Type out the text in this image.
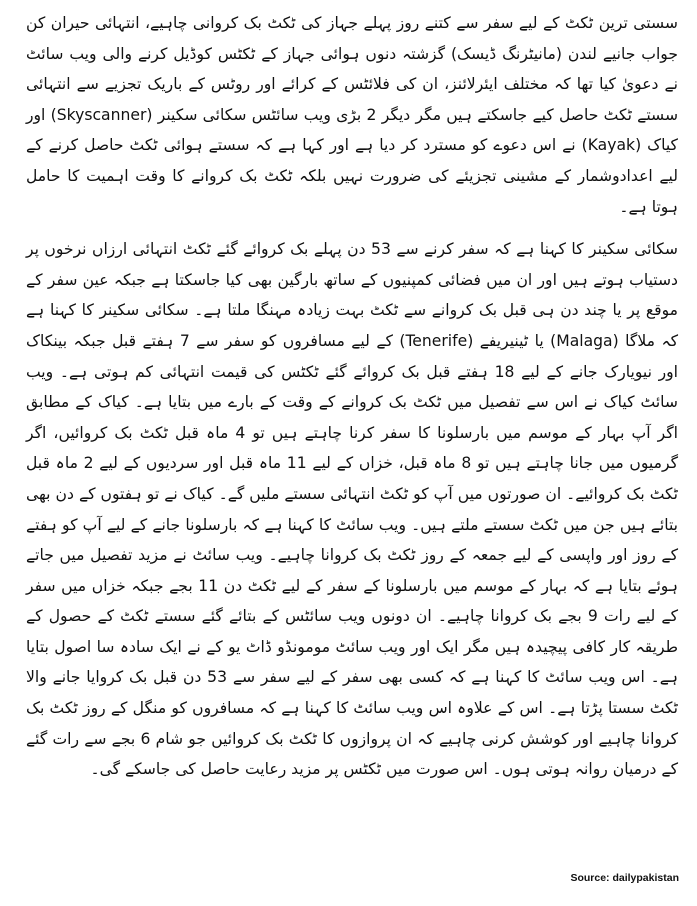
سستی ترین ٹکٹ کے لیے سفر سے کتنے روز پہلے جہاز کی ٹکٹ بک کروانی چاہیے، انتہائی حیران کن جواب جانیے لندن (مانیٹرنگ ڈیسک) گزشتہ دنوں ہوائی جہاز کے ٹکٹس کوڈیل کرنے والی ویب سائٹ نے دعویٰ کیا تھا کہ مختلف ایئرلائنز، ان کی فلائٹس کے کرائے اور روٹس کے باریک تجزیے سے انتہائی سستے ٹکٹ حاصل کیے جاسکتے ہیں مگر دیگر 2 بڑی ویب سائٹس سکائی سکینر (Skyscanner) اور کیاک (Kayak) نے اس دعوے کو مسترد کر دیا ہے اور کہا ہے کہ سستے ہوائی ٹکٹ حاصل کرنے کے لیے اعدادوشمار کے مشینی تجزیئے کی ضرورت نہیں بلکہ ٹکٹ بک کروانے کا وقت اہمیت کا حامل ہوتا ہے۔

سکائی سکینر کا کہنا ہے کہ سفر کرنے سے 53 دن پہلے بک کروائے گئے ٹکٹ انتہائی ارزاں نرخوں پر دستیاب ہوتے ہیں اور ان میں فضائی کمپنیوں کے ساتھ بارگین بھی کیا جاسکتا ہے جبکہ عین سفر کے موقع پر یا چند دن ہی قبل بک کروانے سے ٹکٹ بہت زیادہ مہنگا ملتا ہے۔ سکائی سکینر کا کہنا ہے کہ ملاگا (Malaga) یا ٹینیریفے (Tenerife) کے لیے مسافروں کو سفر سے 7 ہفتے قبل جبکہ بینکاک اور نیویارک جانے کے لیے 18 ہفتے قبل بک کروائے گئے ٹکٹس کی قیمت انتہائی کم ہوتی ہے۔ ویب سائٹ کیاک نے اس سے تفصیل میں ٹکٹ بک کروانے کے وقت کے بارے میں بتایا ہے۔ کیاک کے مطابق اگر آپ بہار کے موسم میں بارسلونا کا سفر کرنا چاہتے ہیں تو 4 ماہ قبل ٹکٹ بک کروائیں، اگر گرمیوں میں جانا چاہتے ہیں تو 8 ماہ قبل، خزاں کے لیے 11 ماہ قبل اور سردیوں کے لیے 2 ماہ قبل ٹکٹ بک کروائیے۔ ان صورتوں میں آپ کو ٹکٹ انتہائی سستے ملیں گے۔ کیاک نے تو ہفتوں کے دن بھی بتائے ہیں جن میں ٹکٹ سستے ملتے ہیں۔ ویب سائٹ کا کہنا ہے کہ بارسلونا جانے کے لیے آپ کو ہفتے کے روز اور واپسی کے لیے جمعہ کے روز ٹکٹ بک کروانا چاہیے۔ ویب سائٹ نے مزید تفصیل میں جاتے ہوئے بتایا ہے کہ بہار کے موسم میں بارسلونا کے سفر کے لیے ٹکٹ دن 11 بجے جبکہ خزاں میں سفر کے لیے رات 9 بجے بک کروانا چاہیے۔ ان دونوں ویب سائٹس کے بتائے گئے سستے ٹکٹ کے حصول کے طریقہ کار کافی پیچیدہ ہیں مگر ایک اور ویب سائٹ مومونڈو ڈاٹ یو کے نے ایک سادہ سا اصول بتایا ہے۔ اس ویب سائٹ کا کہنا ہے کہ کسی بھی سفر کے لیے سفر سے 53 دن قبل بک کروایا جانے والا ٹکٹ سستا پڑتا ہے۔ اس کے علاوہ اس ویب سائٹ کا کہنا ہے کہ مسافروں کو منگل کے روز ٹکٹ بک کروانا چاہیے اور کوشش کرنی چاہیے کہ ان پروازوں کا ٹکٹ بک کروائیں جو شام 6 بجے سے رات گئے کے درمیان روانہ ہوتی ہوں۔ اس صورت میں ٹکٹس پر مزید رعایت حاصل کی جاسکے گی۔

Source: dailypakistan
